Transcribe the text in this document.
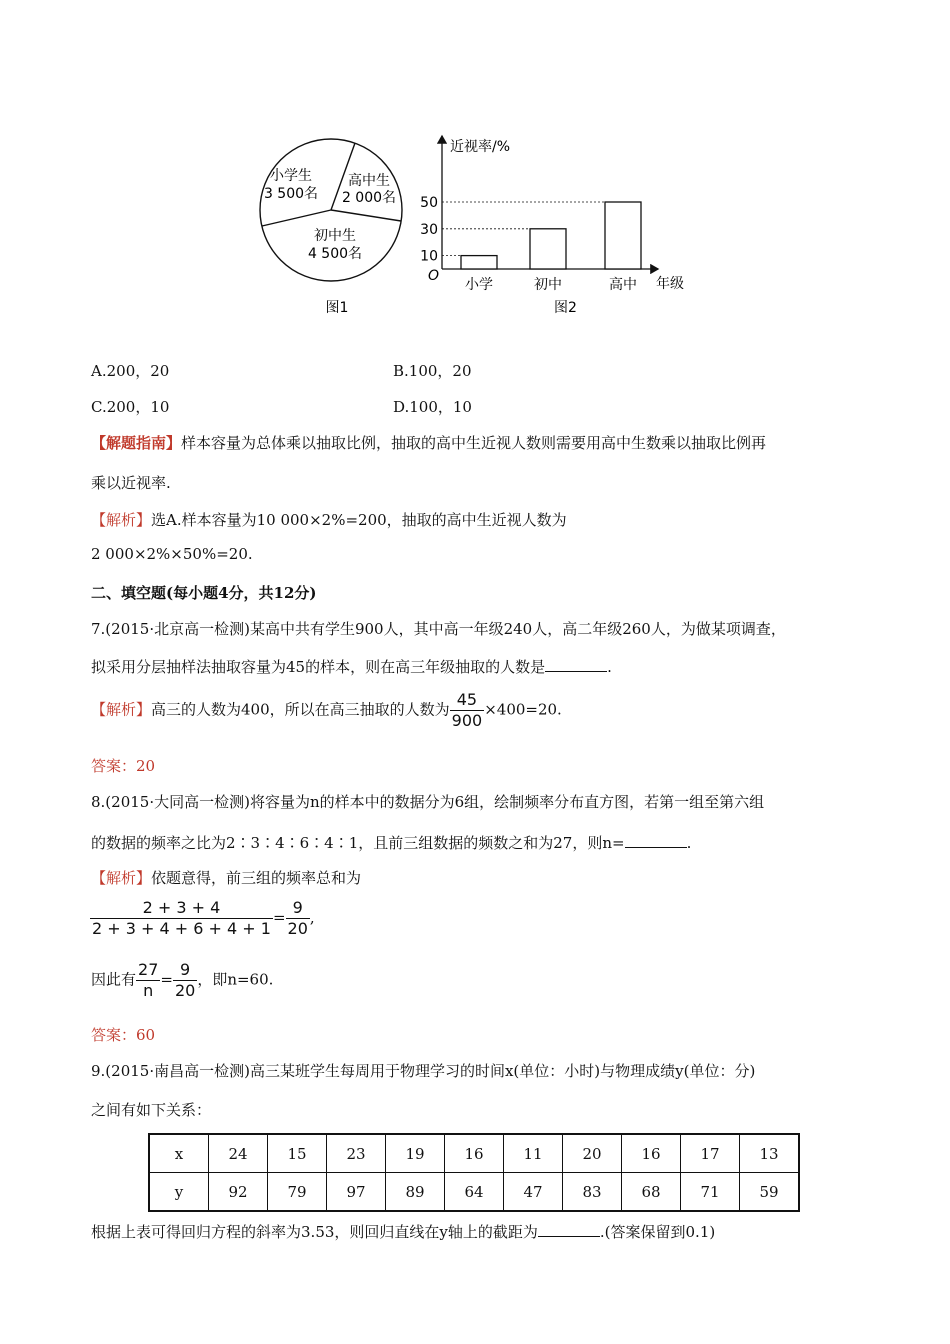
小学生
3 500名
高中生
2 000名
初中生
4 500名
图1
近视率/%
年级
O
图2
10
30
50
小学	初中	高中
A.200，20	B.100，20
C.200，10	D.100，10
【解题指南】样本容量为总体乘以抽取比例，抽取的高中生近视人数则需要用高中生数乘以抽取比例再
乘以近视率.
【解析】选A.样本容量为10 000×2%=200，抽取的高中生近视人数为
2 000×2%×50%=20.
二、填空题(每小题4分，共12分)
7.(2015·北京高一检测)某高中共有学生900人，其中高一年级240人，高二年级260人，为做某项调查，
拟采用分层抽样法抽取容量为45的样本，则在高三年级抽取的人数是	.
【解析】高三的人数为400，所以在高三抽取的人数为 $\frac{45}{900} \times 400=20$.
答案：20
8.(2015·大同高一检测)将容量为n的样本中的数据分为6组，绘制频率分布直方图，若第一组至第六组
的数据的频率之比为2∶3∶4∶6∶4∶1，且前三组数据的频数之和为27，则n=	.
【解析】依题意得，前三组的频率总和为
$\frac{2 + 3 + 4}{2 + 3 + 4 + 6 + 4 + 1} = \frac{9}{20}$ ,
因此有 $\frac{27}{n} = \frac{9}{20}$ ，即n=60.
答案：60
9.(2015·南昌高一检测)高三某班学生每周用于物理学习的时间x(单位：小时)与物理成绩y(单位：分)
之间有如下关系：
x	24	15	23	19	16	11	20	16	17	13
y	92	79	97	89	64	47	83	68	71	59
根据上表可得回归方程的斜率为3.53，则回归直线在y轴上的截距为	.(答案保留到0.1)
